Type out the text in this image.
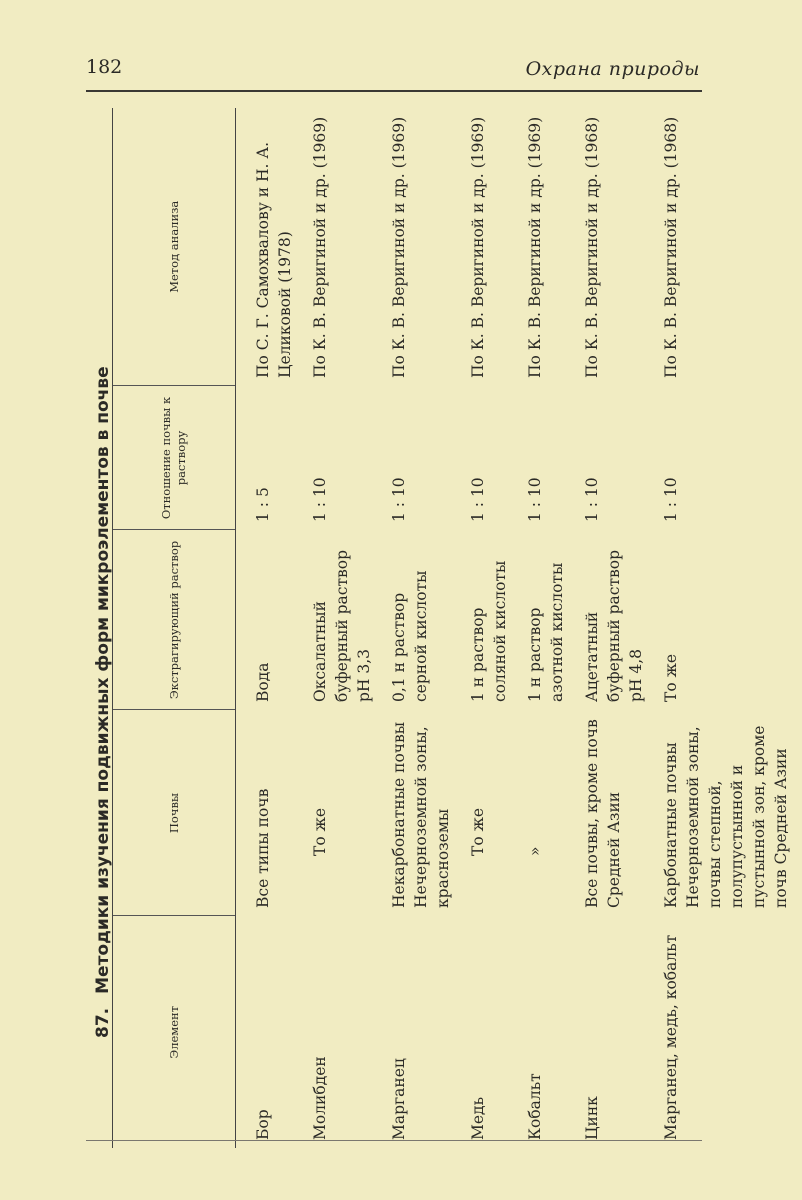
182	Охрана природы
87.Методики изучения подвижных форм микроэлементов в почве
Элемент	Почвы	Экстрагирующий раствор	Отношение почвы к раствору	Метод анализа
Бор	Все типы почв	Вода	1 : 5	По С. Г. Самохвалову и Н. А. Целиковой (1978)
Молибден	То же	Оксалатный буферный раствор рН 3,3	1 : 10	По К. В. Веригиной и др. (1969)
Марганец	Некарбонатные почвы Нечерноземной зоны, красноземы	0,1 н раствор серной кислоты	1 : 10	По К. В. Веригиной и др. (1969)
Медь	То же	1 н раствор соляной кислоты	1 : 10	По К. В. Веригиной и др. (1969)
Кобальт	»	1 н раствор азотной кислоты	1 : 10	По К. В. Веригиной и др. (1969)
Цинк	Все почвы, кроме почв Средней Азии	Ацетатный буферный раствор рН 4,8	1 : 10	По К. В. Веригиной и др. (1968)
Марганец, медь, кобальт	Карбонатные почвы Нечерноземной зоны, почвы степной, полупустынной и пустынной зон, кроме почв Средней Азии	То же	1 : 10	По К. В. Веригиной и др. (1968)
